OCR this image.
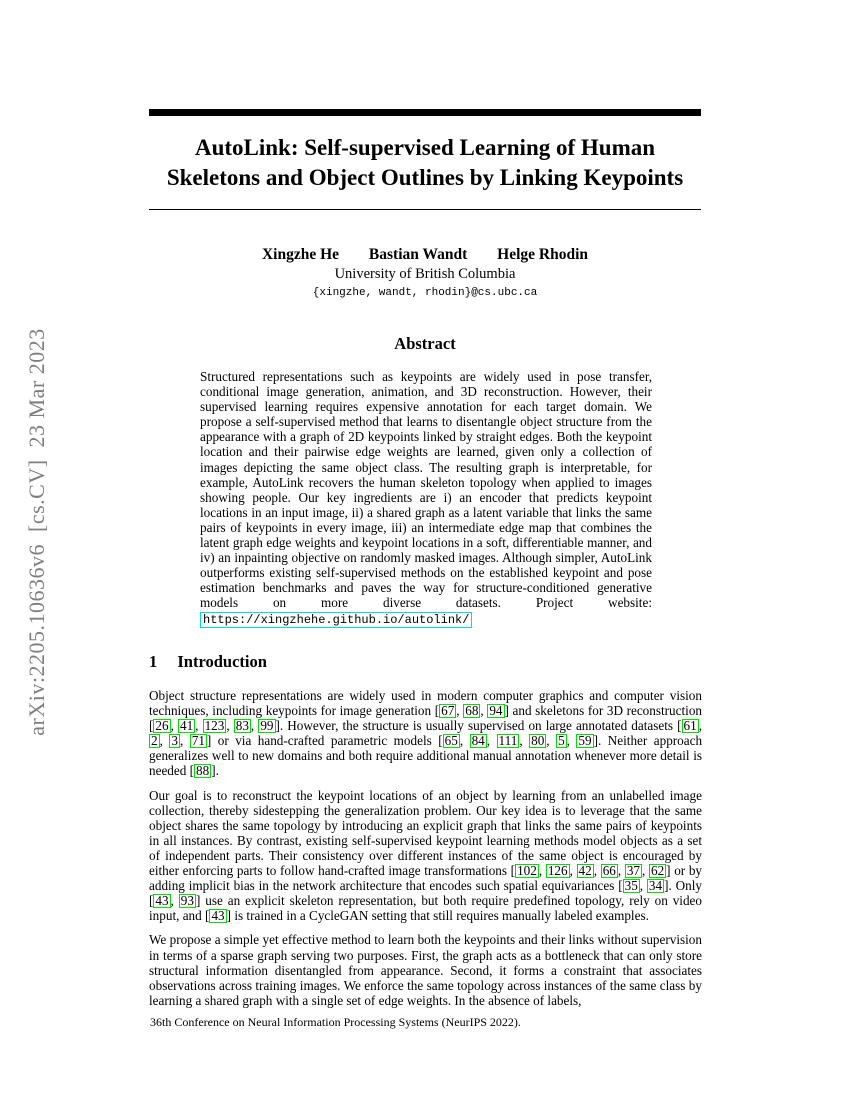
arXiv:2205.10636v6  [cs.CV]  23 Mar 2023
AutoLink: Self-supervised Learning of Human
Skeletons and Object Outlines by Linking Keypoints
Xingzhe He Bastian Wandt Helge Rhodin
University of British Columbia
{xingzhe, wandt, rhodin}@cs.ubc.ca
Abstract

Structured representations such as keypoints are widely used in pose transfer, conditional image generation, animation, and 3D reconstruction. However, their supervised learning requires expensive annotation for each target domain. We propose a self-supervised method that learns to disentangle object structure from the appearance with a graph of 2D keypoints linked by straight edges. Both the keypoint location and their pairwise edge weights are learned, given only a collection of images depicting the same object class. The resulting graph is interpretable, for example, AutoLink recovers the human skeleton topology when applied to images showing people. Our key ingredients are i) an encoder that predicts keypoint locations in an input image, ii) a shared graph as a latent variable that links the same pairs of keypoints in every image, iii) an intermediate edge map that combines the latent graph edge weights and keypoint locations in a soft, differentiable manner, and iv) an inpainting objective on randomly masked images. Although simpler, AutoLink outperforms existing self-supervised methods on the established keypoint and pose estimation benchmarks and paves the way for structure-conditioned generative models on more diverse datasets. Project website: https://xingzhehe.github.io/autolink/

1 Introduction

Object structure representations are widely used in modern computer graphics and computer vision techniques, including keypoints for image generation [ 67 , 68 , 94 ] and skeletons for 3D reconstruction [ 26 , 41 , 123 , 83 , 99 ]. However, the structure is usually supervised on large annotated datasets [ 61 , 2 , 3 , 71 ] or via hand-crafted parametric models [ 65 , 84 , 111 , 80 , 5 , 59 ]. Neither approach generalizes well to new domains and both require additional manual annotation whenever more detail is needed [ 88 ].

Our goal is to reconstruct the keypoint locations of an object by learning from an unlabelled image collection, thereby sidestepping the generalization problem. Our key idea is to leverage that the same object shares the same topology by introducing an explicit graph that links the same pairs of keypoints in all instances. By contrast, existing self-supervised keypoint learning methods model objects as a set of independent parts. Their consistency over different instances of the same object is encouraged by either enforcing parts to follow hand-crafted image transformations [ 102 , 126 , 42 , 66 , 37 , 62 ] or by adding implicit bias in the network architecture that encodes such spatial equivariances [ 35 , 34 ]. Only [ 43 , 93 ] use an explicit skeleton representation, but both require predefined topology, rely on video input, and [ 43 ] is trained in a CycleGAN setting that still requires manually labeled examples.

We propose a simple yet effective method to learn both the keypoints and their links without supervision in terms of a sparse graph serving two purposes. First, the graph acts as a bottleneck that can only store structural information disentangled from appearance. Second, it forms a constraint that associates observations across training images. We enforce the same topology across instances of the same class by learning a shared graph with a single set of edge weights. In the absence of labels,

36th Conference on Neural Information Processing Systems (NeurIPS 2022).
